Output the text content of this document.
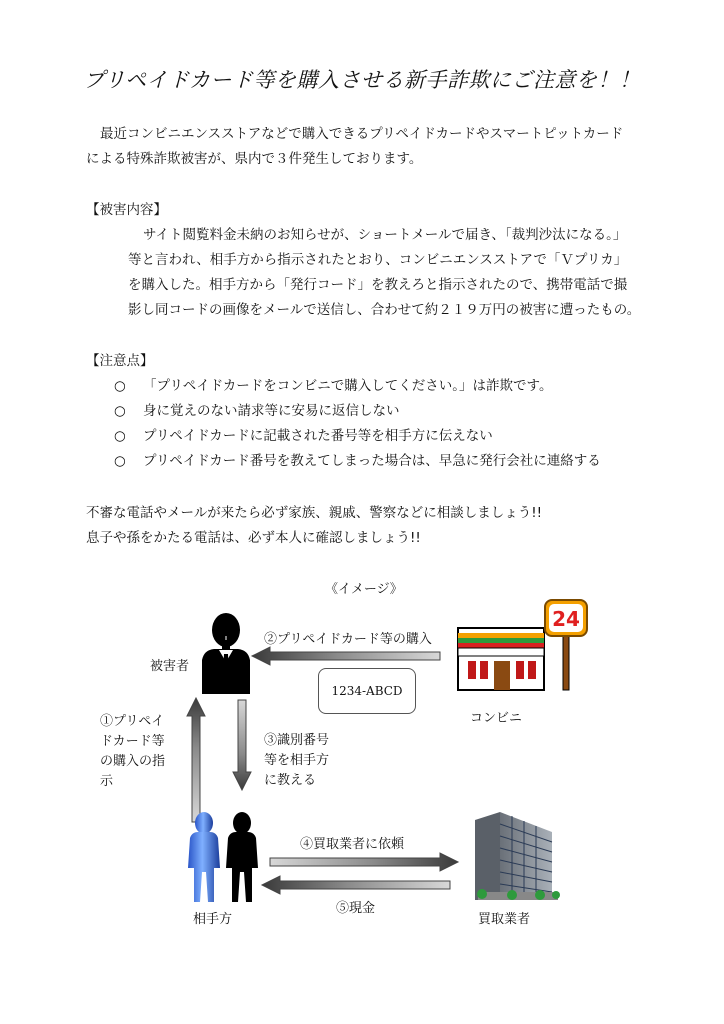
プリペイドカード等を購入させる新手詐欺にご注意を！！
最近コンビニエンスストアなどで購入できるプリペイドカードやスマートピットカード
による特殊詐欺被害が、県内で３件発生しております。
【被害内容】
サイト閲覧料金未納のお知らせが、ショートメールで届き、「裁判沙汰になる。」
等と言われ、相手方から指示されたとおり、コンビニエンスストアで「Ｖプリカ」
を購入した。相手方から「発行コード」を教えろと指示されたので、携帯電話で撮
影し同コードの画像をメールで送信し、合わせて約２１９万円の被害に遭ったもの。
【注意点】
○ 「プリペイドカードをコンビニで購入してください。」は詐欺です。
○ 身に覚えのない請求等に安易に返信しない
○ プリペイドカードに記載された番号等を相手方に伝えない
○ プリペイドカード番号を教えてしまった場合は、早急に発行会社に連絡する
不審な電話やメールが来たら必ず家族、親戚、警察などに相談しましょう!!
息子や孫をかたる電話は、必ず本人に確認しましょう!!
《イメージ》
24
被害者
②プリペイドカード等の購入
1234-ABCD
コンビニ
①プリペイ
ドカード等
の購入の指
示
③識別番号
等を相手方
に教える
④買取業者に依頼
⑤現金
相手方	買取業者
